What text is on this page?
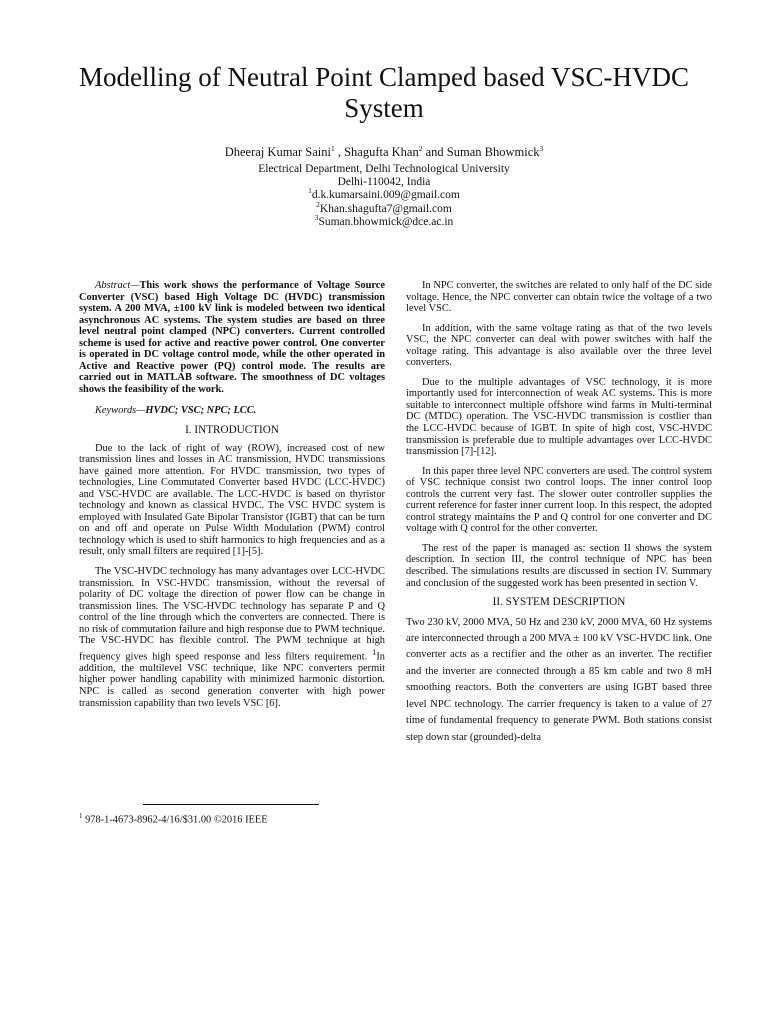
Modelling of Neutral Point Clamped based VSC-HVDC System
Dheeraj Kumar Saini$^1$ , Shagufta Khan$^2$ and Suman Bhowmick$^3$
Electrical Department, Delhi Technological University
Delhi-110042, India
$^1$d.k.kumarsaini.009@gmail.com
$^2$Khan.shagufta7@gmail.com
$^3$Suman.bhowmick@dce.ac.in

Abstract—This work shows the performance of Voltage Source Converter (VSC) based High Voltage DC (HVDC) transmission system. A 200 MVA, ±100 kV link is modeled between two identical asynchronous AC systems. The system studies are based on three level neutral point clamped (NPC) converters. Current controlled scheme is used for active and reactive power control. One converter is operated in DC voltage control mode, while the other operated in Active and Reactive power (PQ) control mode. The results are carried out in MATLAB software. The smoothness of DC voltages shows the feasibility of the work.

Keywords—HVDC; VSC; NPC; LCC.

I. INTRODUCTION

Due to the lack of right of way (ROW), increased cost of new transmission lines and losses in AC transmission, HVDC transmissions have gained more attention. For HVDC transmission, two types of technologies, Line Commutated Converter based HVDC (LCC-HVDC) and VSC-HVDC are available. The LCC-HVDC is based on thyristor technology and known as classical HVDC. The VSC HVDC system is employed with Insulated Gate Bipolar Transistor (IGBT) that can be turn on and off and operate on Pulse Width Modulation (PWM) control technology which is used to shift harmonics to high frequencies and as a result, only small filters are required [1]-[5].

The VSC-HVDC technology has many advantages over LCC-HVDC transmission. In VSC-HVDC transmission, without the reversal of polarity of DC voltage the direction of power flow can be change in transmission lines. The VSC-HVDC technology has separate P and Q control of the line through which the converters are connected. There is no risk of commutation failure and high response due to PWM technique. The VSC-HVDC has flexible control. The PWM technique at high frequency gives high speed response and less filters requirement. $^1$In addition, the multilevel VSC technique, like NPC converters permit higher power handling capability with minimized harmonic distortion. NPC is called as second generation converter with high power transmission capability than two levels VSC [6].

$^1$ 978-1-4673-8962-4/16/$31.00 ©2016 IEEE

In NPC converter, the switches are related to only half of the DC side voltage. Hence, the NPC converter can obtain twice the voltage of a two level VSC.

In addition, with the same voltage rating as that of the two levels VSC, the NPC converter can deal with power switches with half the voltage rating. This advantage is also available over the three level converters.

Due to the multiple advantages of VSC technology, it is more importantly used for interconnection of weak AC systems. This is more suitable to interconnect multiple offshore wind farms in Multi-terminal DC (MTDC) operation. The VSC-HVDC transmission is costlier than the LCC-HVDC because of IGBT. In spite of high cost, VSC-HVDC transmission is preferable due to multiple advantages over LCC-HVDC transmission [7]-[12].

In this paper three level NPC converters are used. The control system of VSC technique consist two control loops. The inner control loop controls the current very fast. The slower outer controller supplies the current reference for faster inner current loop. In this respect, the adopted control strategy maintains the P and Q control for one converter and DC voltage with Q control for the other converter.

The rest of the paper is managed as: section II shows the system description. In section III, the control technique of NPC has been described. The simulations results are discussed in section IV. Summary and conclusion of the suggested work has been presented in section V.

II. SYSTEM DESCRIPTION

Two 230 kV, 2000 MVA, 50 Hz and 230 kV, 2000 MVA, 60 Hz systems are interconnected through a 200 MVA ± 100 kV VSC-HVDC link. One converter acts as a rectifier and the other as an inverter. The rectifier and the inverter are connected through a 85 km cable and two 8 mH smoothing reactors. Both the converters are using IGBT based three level NPC technology. The carrier frequency is taken to a value of 27 time of fundamental frequency to generate PWM. Both stations consist step down star (grounded)-delta
